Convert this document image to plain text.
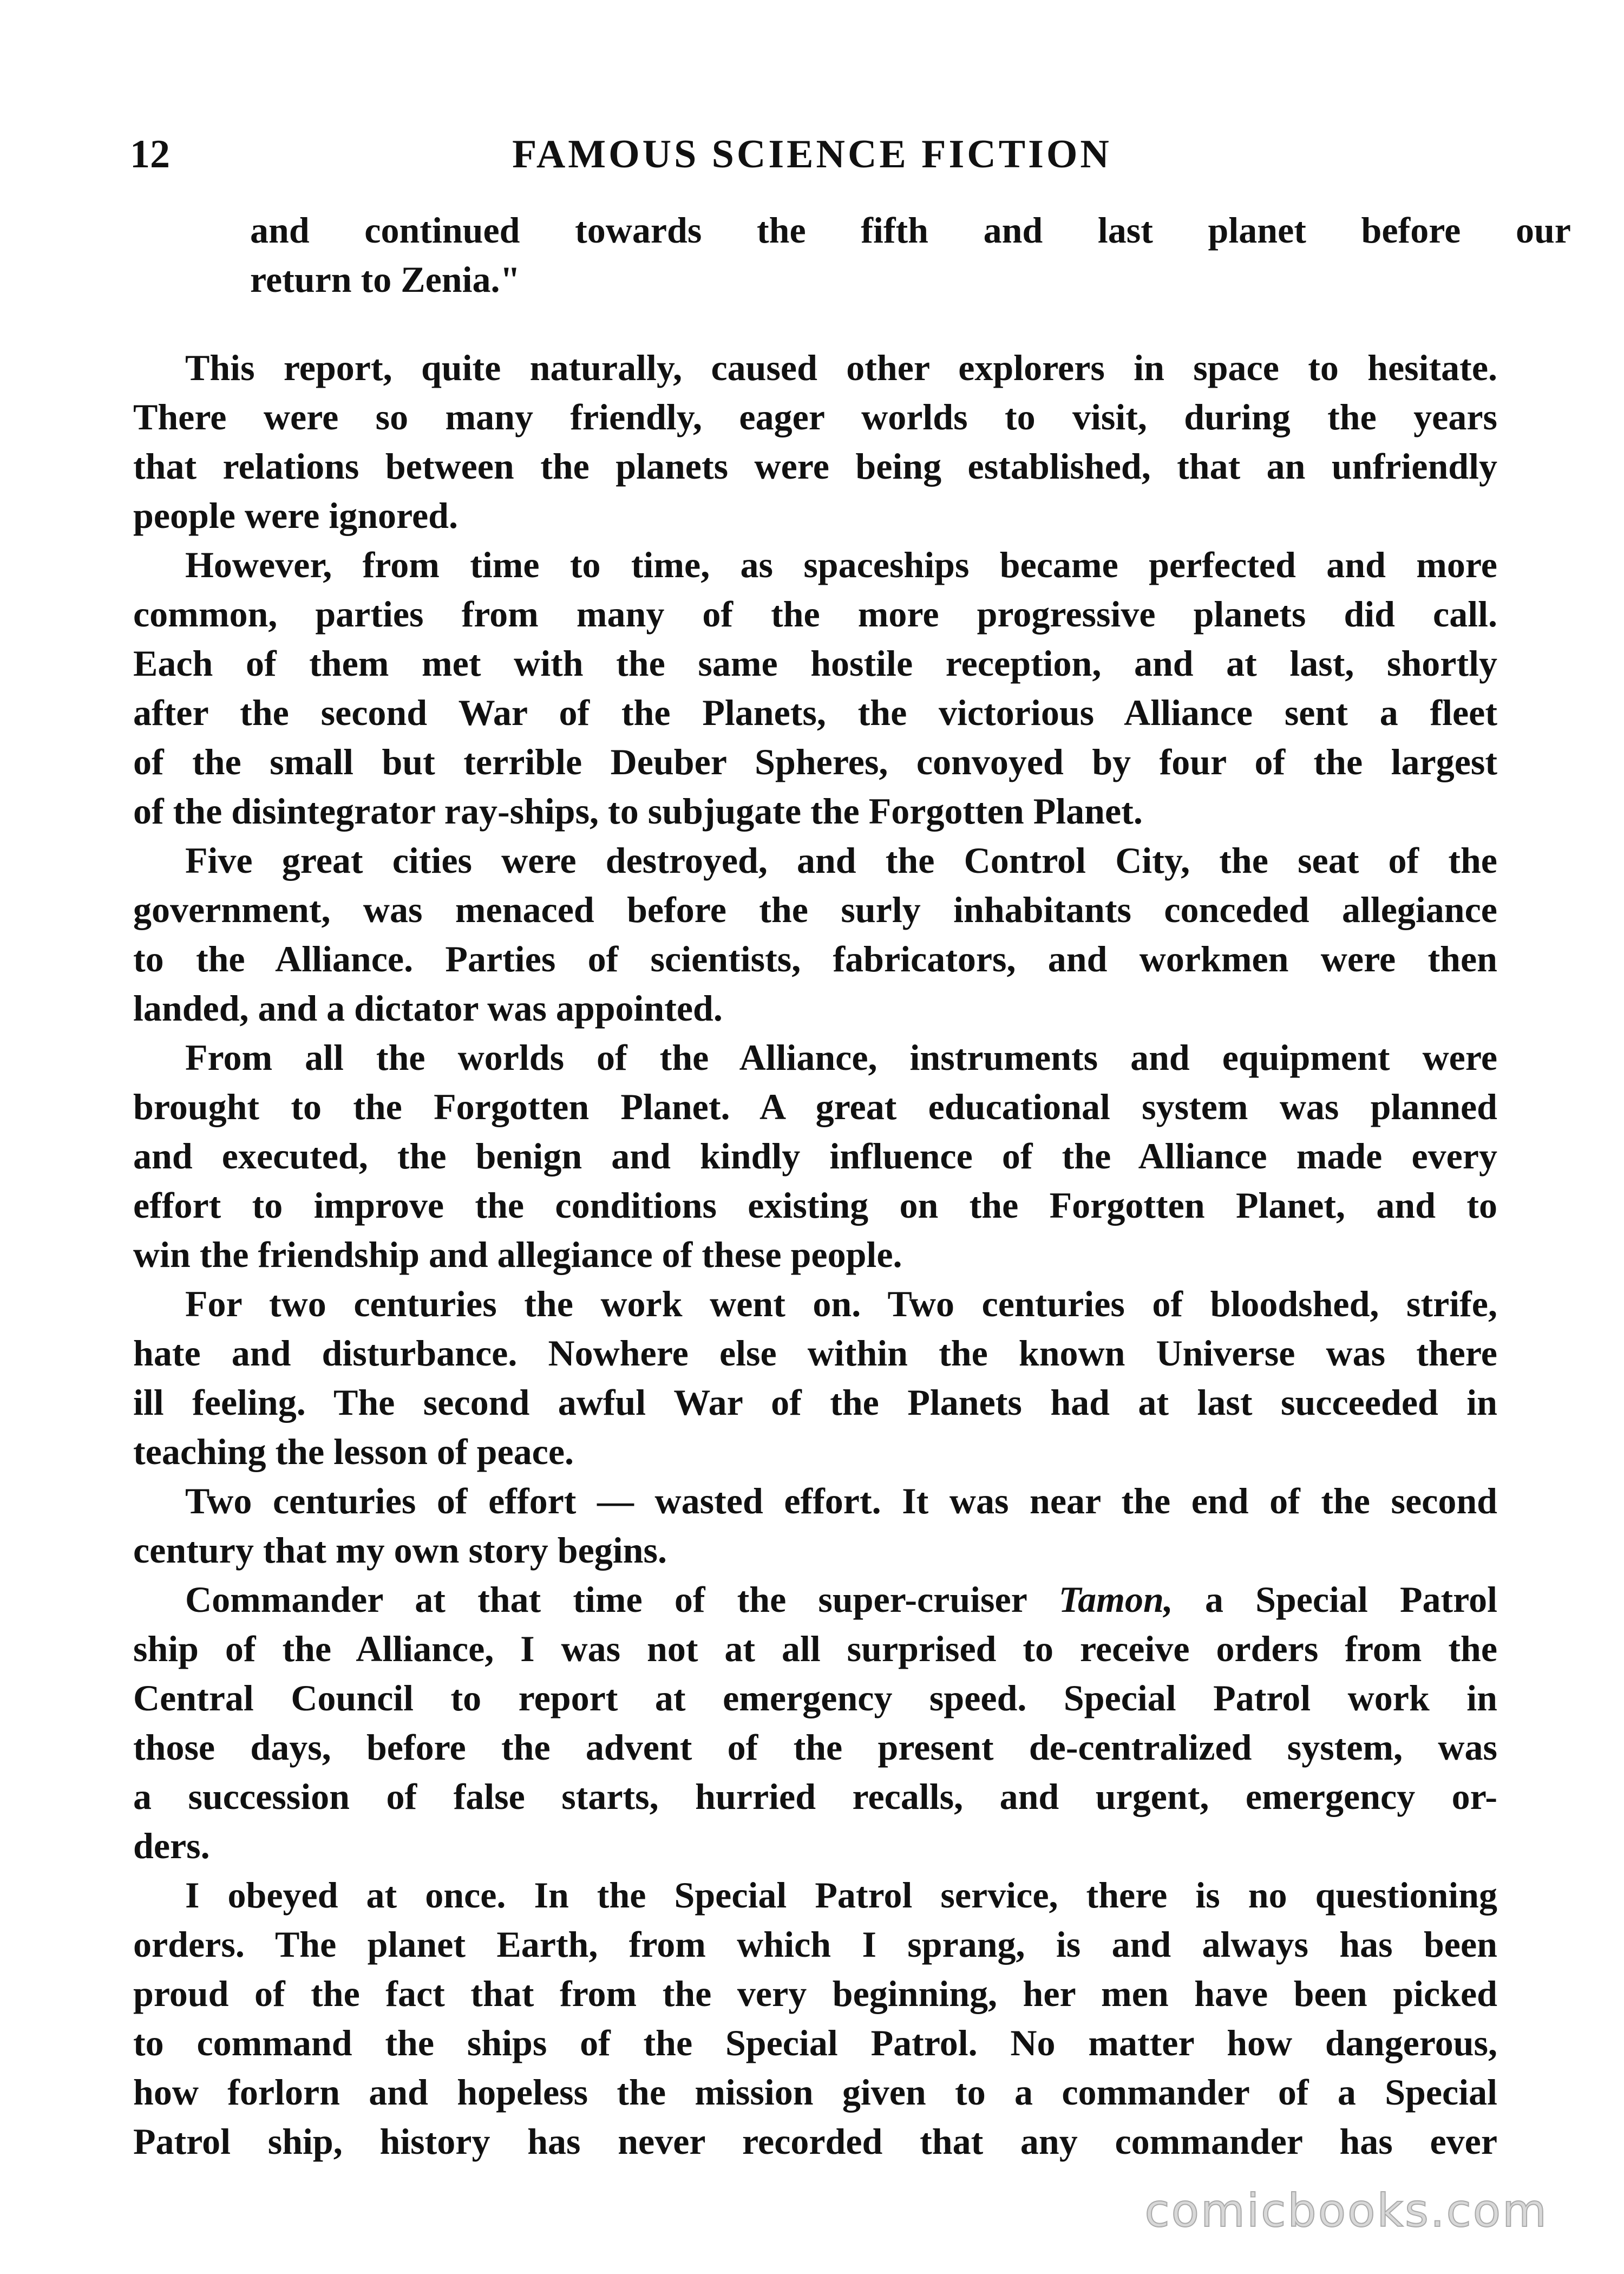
12	FAMOUS SCIENCE FICTION
and continued towards the fifth and last planet before our
return to Zenia."
This report, quite naturally, caused other explorers in space to hesitate.
There were so many friendly, eager worlds to visit, during the years
that relations between the planets were being established, that an unfriendly
people were ignored.
However, from time to time, as spaceships became perfected and more
common, parties from many of the more progressive planets did call.
Each of them met with the same hostile reception, and at last, shortly
after the second War of the Planets, the victorious Alliance sent a fleet
of the small but terrible Deuber Spheres, convoyed by four of the largest
of the disintegrator ray-ships, to subjugate the Forgotten Planet.
Five great cities were destroyed, and the Control City, the seat of the
government, was menaced before the surly inhabitants conceded allegiance
to the Alliance. Parties of scientists, fabricators, and workmen were then
landed, and a dictator was appointed.
From all the worlds of the Alliance, instruments and equipment were
brought to the Forgotten Planet. A great educational system was planned
and executed, the benign and kindly influence of the Alliance made every
effort to improve the conditions existing on the Forgotten Planet, and to
win the friendship and allegiance of these people.
For two centuries the work went on. Two centuries of bloodshed, strife,
hate and disturbance. Nowhere else within the known Universe was there
ill feeling. The second awful War of the Planets had at last succeeded in
teaching the lesson of peace.
Two centuries of effort — wasted effort. It was near the end of the second
century that my own story begins.
Commander at that time of the super-cruiser Tamon, a Special Patrol
ship of the Alliance, I was not at all surprised to receive orders from the
Central Council to report at emergency speed. Special Patrol work in
those days, before the advent of the present de-centralized system, was
a succession of false starts, hurried recalls, and urgent, emergency or-
ders.
I obeyed at once. In the Special Patrol service, there is no questioning
orders. The planet Earth, from which I sprang, is and always has been
proud of the fact that from the very beginning, her men have been picked
to command the ships of the Special Patrol. No matter how dangerous,
how forlorn and hopeless the mission given to a commander of a Special
Patrol ship, history has never recorded that any commander has ever
comicbooks.com
